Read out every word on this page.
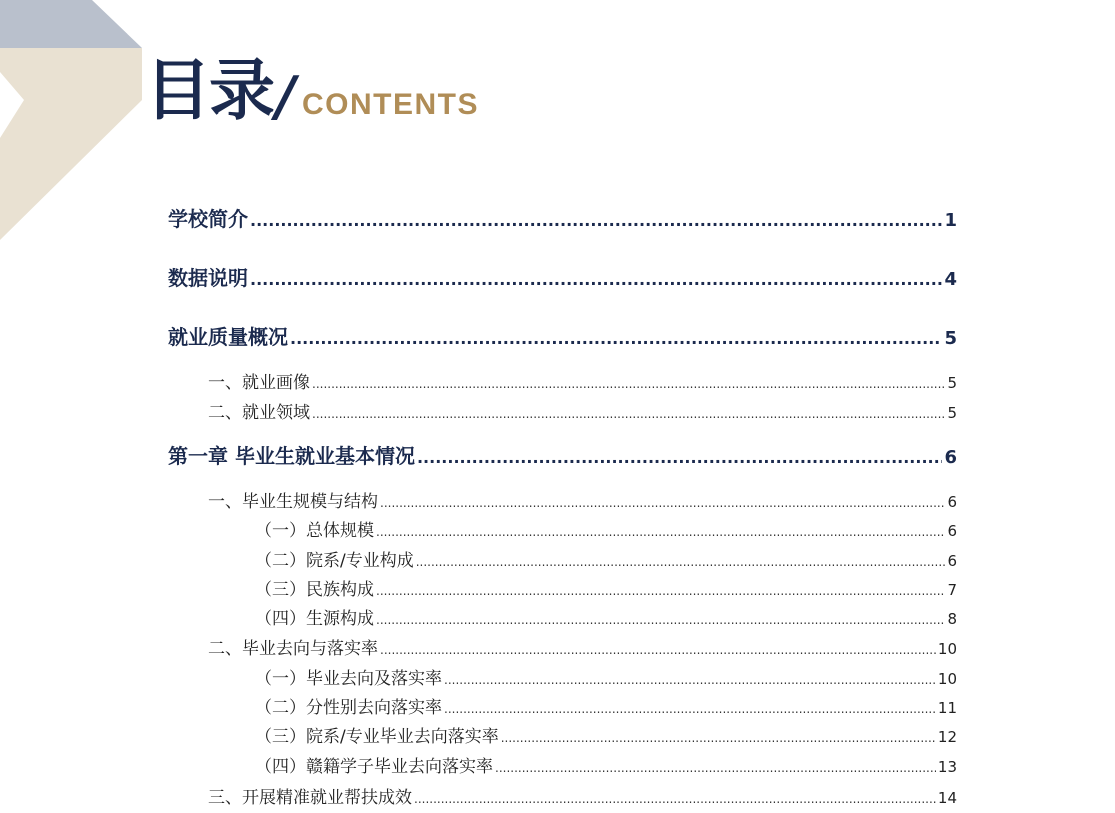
目录 / CONTENTS
学校简介 .....	1
数据说明 .....	4
就业质量概况 .....	5
一、就业画像 .....	5
二、就业领域 .....	5
第一章 毕业生就业基本情况 .....	6
一、毕业生规模与结构 .....	6
（一）总体规模 .....	6
（二）院系/专业构成 .....	6
（三）民族构成 .....	7
（四）生源构成 .....	8
二、毕业去向与落实率 .....	10
（一）毕业去向及落实率 .....	10
（二）分性别去向落实率 .....	11
（三）院系/专业毕业去向落实率 .....	12
（四）赣籍学子毕业去向落实率 .....	13
三、开展精准就业帮扶成效 .....	14
